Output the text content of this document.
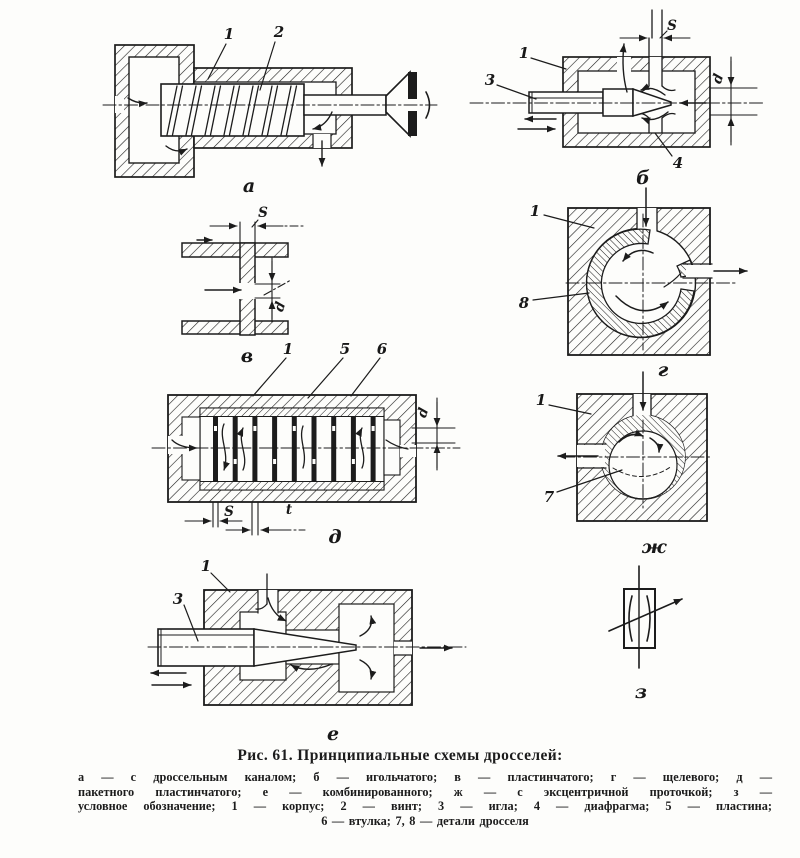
1	2
а
1
3
4
S
d
б
S
d
в
1
8
г
1	5 6
S	t
d
д
1
7
ж
1
3
е
з
Рис. 61. Принципиальные схемы дросселей:
а — с дроссельным каналом; б — игольчатого; в — пластинчатого; г — щелевого; д —
пакетного пластинчатого; е — комбинированного; ж — с эксцентричной проточкой; з —
условное обозначение; 1 — корпус; 2 — винт; 3 — игла; 4 — диафрагма; 5 — пластина;
6 — втулка; 7, 8 — детали дросселя
